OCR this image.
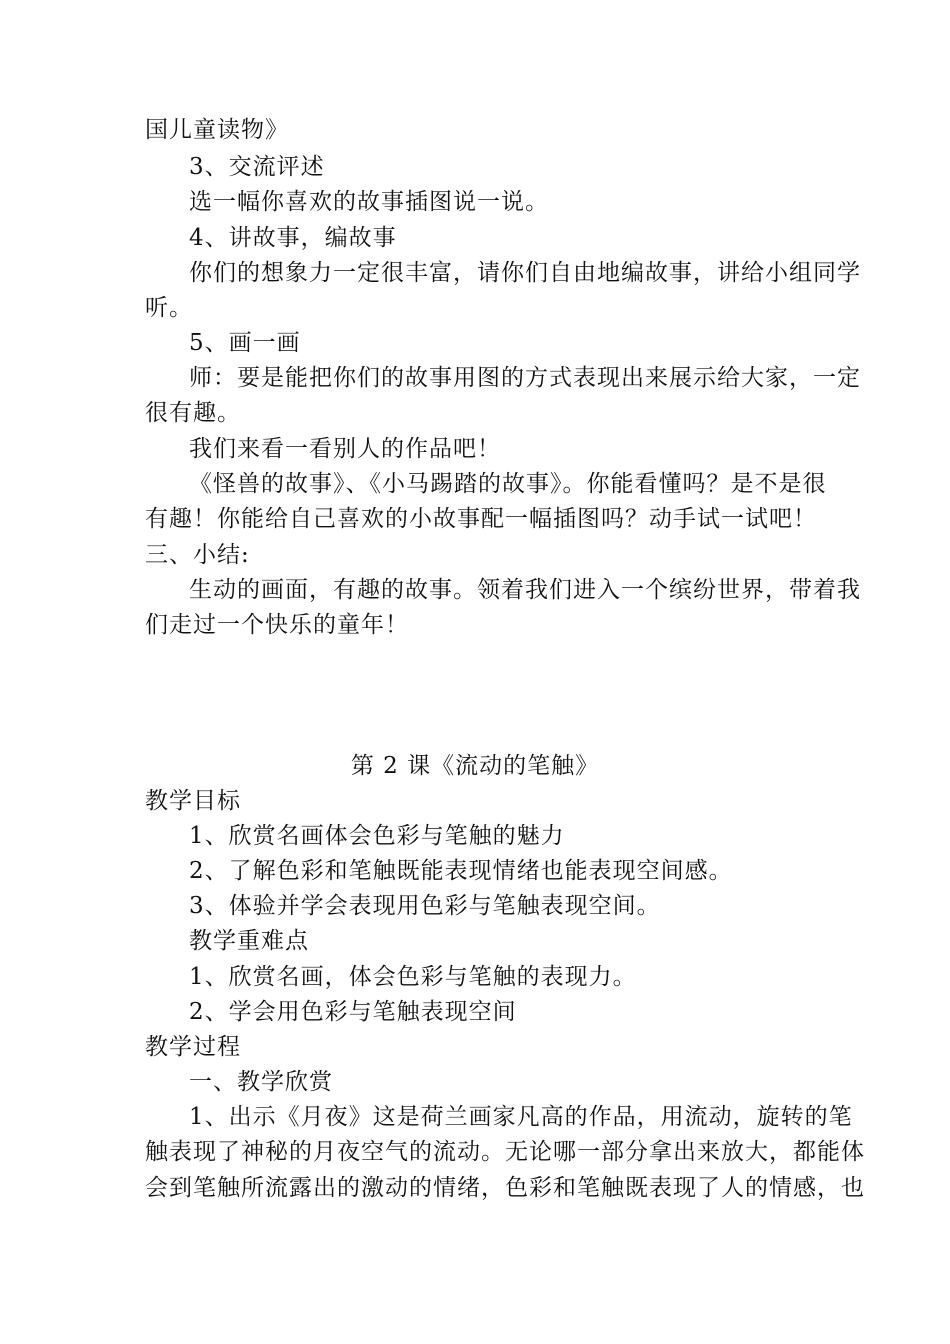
国儿童读物》
3、交流评述
选一幅你喜欢的故事插图说一说。
4、讲故事，编故事
你们的想象力一定很丰富，请你们自由地编故事，讲给小组同学
听。
5、画一画
师：要是能把你们的故事用图的方式表现出来展示给大家，一定
很有趣。
我们来看一看别人的作品吧！
《怪兽的故事》、《小马踢踏的故事》。你能看懂吗？是不是很
有趣！你能给自己喜欢的小故事配一幅插图吗？动手试一试吧！
三、小结:
生动的画面，有趣的故事。领着我们进入一个缤纷世界，带着我
们走过一个快乐的童年！
第 2 课《流动的笔触》
教学目标
1、欣赏名画体会色彩与笔触的魅力
2、了解色彩和笔触既能表现情绪也能表现空间感。
3、体验并学会表现用色彩与笔触表现空间。
教学重难点
1、欣赏名画，体会色彩与笔触的表现力。
2、学会用色彩与笔触表现空间
教学过程
一、教学欣赏
1、出示《月夜》这是荷兰画家凡高的作品，用流动，旋转的笔
触表现了神秘的月夜空气的流动。无论哪一部分拿出来放大，都能体
会到笔触所流露出的激动的情绪，色彩和笔触既表现了人的情感，也
